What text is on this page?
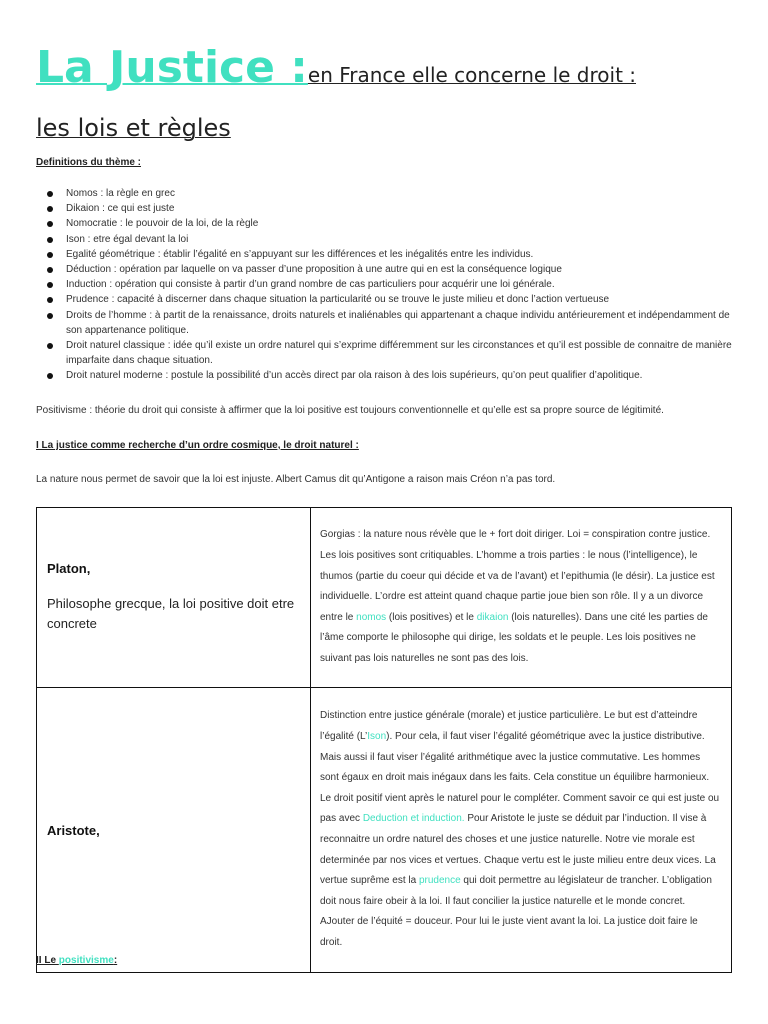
La Justice :en France elle concerne le droit :
les lois et règles
Definitions du thème :
Nomos : la règle en grec
Dikaion : ce qui est juste
Nomocratie : le pouvoir de la loi, de la règle
Ison : etre égal devant la loi
Egalité géométrique : établir l’égalité en s’appuyant sur les différences et les inégalités entre les individus.
Déduction : opération par laquelle on va passer d’une proposition à une autre qui en est la conséquence logique
Induction : opération qui consiste à partir d’un grand nombre de cas particuliers pour acquérir une loi générale.
Prudence : capacité à discerner dans chaque situation la particularité ou se trouve le juste milieu et donc l’action vertueuse
Droits de l’homme : à partit de la renaissance, droits naturels et inaliénables qui appartenant a chaque individu antérieurement et indépendamment de son appartenance politique.
Droit naturel classique : idée qu’il existe un ordre naturel qui s’exprime différemment sur les circonstances et qu’il est possible de connaitre de manière imparfaite dans chaque situation.
Droit naturel moderne : postule la possibilité d’un accès direct par ola raison à des lois supérieurs, qu’on peut qualifier d’apolitique.
Positivisme : théorie du droit qui consiste à affirmer que la loi positive est toujours conventionnelle et qu’elle est sa propre source de légitimité.
I La justice comme recherche d’un ordre cosmique, le droit naturel :
La nature nous permet de savoir que la loi est injuste. Albert Camus dit qu’Antigone a raison mais Créon n’a pas tord.
Platon,
Philosophe grecque, la loi positive doit etre concrete	Gorgias : la nature nous révèle que le + fort doit diriger. Loi = conspiration contre justice. Les lois positives sont critiquables. L’homme a trois parties : le nous (l’intelligence), le thumos (partie du coeur qui décide et va de l’avant) et l’epithumia (le désir). La justice est individuelle. L’ordre est atteint quand chaque partie joue bien son rôle. Il y a un divorce entre le nomos (lois positives) et le dikaion (lois naturelles). Dans une cité les parties de l’âme comporte le philosophe qui dirige, les soldats et le peuple. Les lois positives ne suivant pas lois naturelles ne sont pas des lois.

Aristote,	Distinction entre justice générale (morale) et justice particulière. Le but est d’atteindre l’égalité (L’Ison). Pour cela, il faut viser l’égalité géométrique avec la justice distributive. Mais aussi il faut viser l’égalité arithmétique avec la justice commutative. Les hommes sont égaux en droit mais inégaux dans les faits. Cela constitue un équilibre harmonieux. Le droit positif vient après le naturel pour le compléter. Comment savoir ce qui est juste ou pas avec Deduction et induction. Pour Aristote le juste se déduit par l’induction. Il vise à reconnaitre un ordre naturel des choses et une justice naturelle. Notre vie morale est determinée par nos vices et vertues. Chaque vertu est le juste milieu entre deux vices. La vertue suprême est la prudence qui doit permettre au législateur de trancher. L’obligation doit nous faire obeir à la loi. Il faut concilier la justice naturelle et le monde concret. AJouter de l’équité = douceur. Pour lui le juste vient avant la loi. La justice doit faire le droit.
II Le positivisme:
